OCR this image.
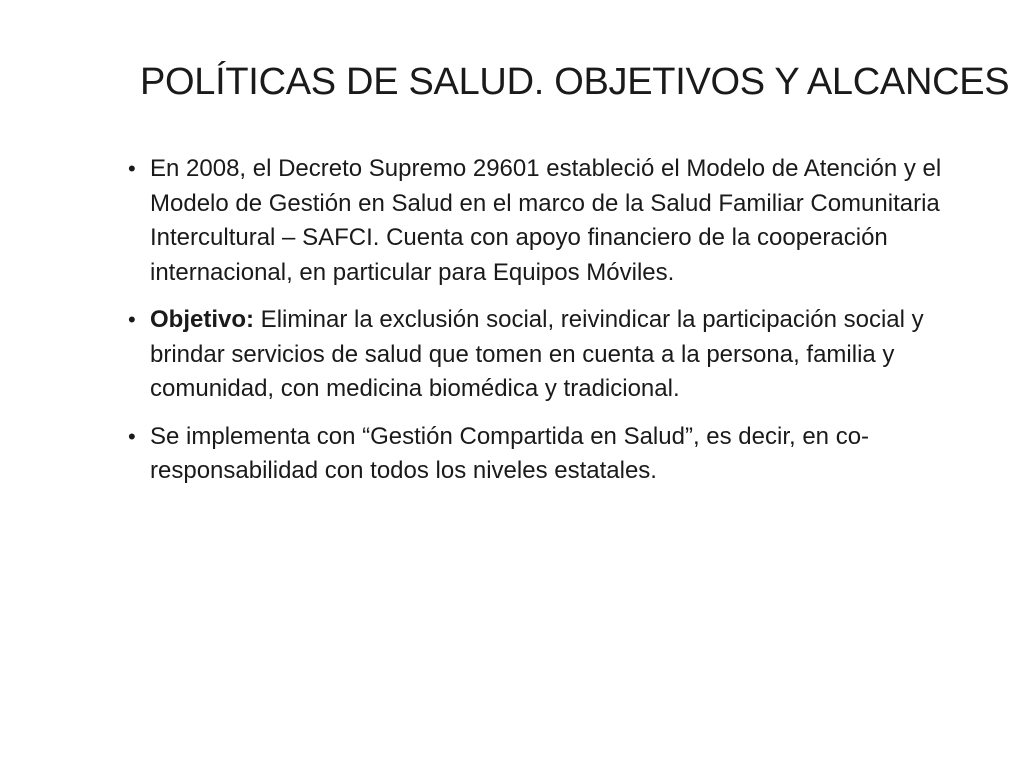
POLÍTICAS DE SALUD. OBJETIVOS Y ALCANCES
• En 2008, el Decreto Supremo 29601 estableció el Modelo de Atención y el Modelo de Gestión en Salud en el marco de la Salud Familiar Comunitaria Intercultural – SAFCI. Cuenta con apoyo financiero de la cooperación internacional, en particular para Equipos Móviles.
• Objetivo: Eliminar la exclusión social, reivindicar la participación social y brindar servicios de salud que tomen en cuenta a la persona, familia y comunidad, con medicina biomédica y tradicional.
• Se implementa con “Gestión Compartida en Salud”, es decir, en co-responsabilidad con todos los niveles estatales.
